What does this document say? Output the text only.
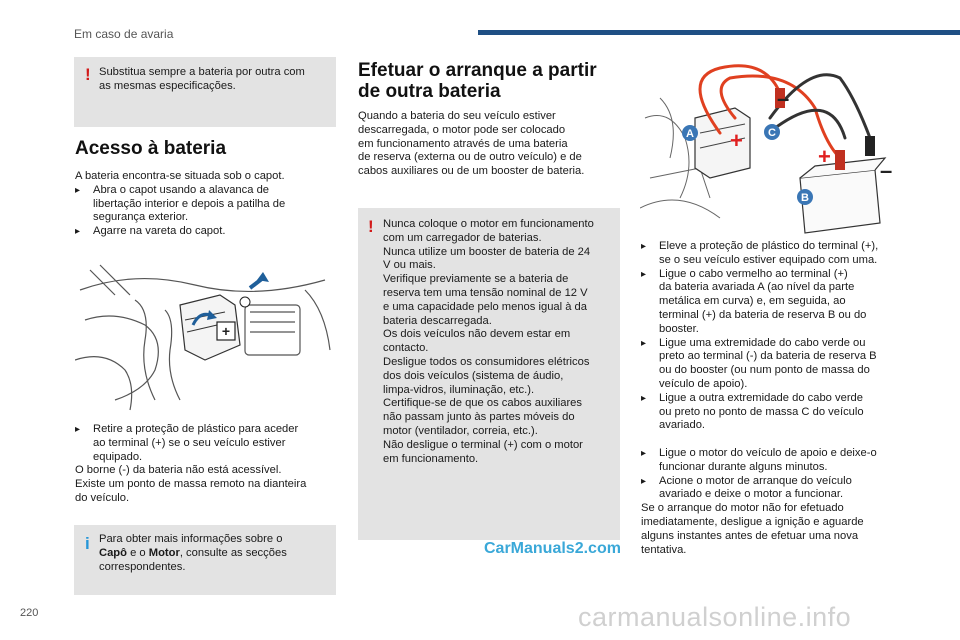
Em caso de avaria
! Substitua sempre a bateria por outra com
as mesmas especificações.
Acesso à bateria
A bateria encontra-se situada sob o capot.
▸ Abra o capot usando a alavanca de
libertação interior e depois a patilha de
segurança exterior.
▸ Agarre na vareta do capot.
+
▸ Retire a proteção de plástico para aceder
ao terminal (+) se o seu veículo estiver
equipado.
O borne (-) da bateria não está acessível.
Existe um ponto de massa remoto na dianteira
do veículo.
i Para obter mais informações sobre o
Capô e o Motor, consulte as secções
correspondentes.
Efetuar o arranque a partir
de outra bateria
Quando a bateria do seu veículo estiver
descarregada, o motor pode ser colocado
em funcionamento através de uma bateria
de reserva (externa ou de outro veículo) e de
cabos auxiliares ou de um booster de bateria.
! Nunca coloque o motor em funcionamento
com um carregador de baterias.
Nunca utilize um booster de bateria de 24
V ou mais.
Verifique previamente se a bateria de
reserva tem uma tensão nominal de 12 V
e uma capacidade pelo menos igual à da
bateria descarregada.
Os dois veículos não devem estar em
contacto.
Desligue todos os consumidores elétricos
dos dois veículos (sistema de áudio,
limpa-vidros, iluminação, etc.).
Certifique-se de que os cabos auxiliares
não passam junto às partes móveis do
motor (ventilador, correia, etc.).
Não desligue o terminal (+) com o motor
em funcionamento.
CarManuals2.com
+
+
–
–
A	C
B
▸ Eleve a proteção de plástico do terminal (+),
se o seu veículo estiver equipado com uma.
▸ Ligue o cabo vermelho ao terminal (+)
da bateria avariada A (ao nível da parte
metálica em curva) e, em seguida, ao
terminal (+) da bateria de reserva B ou do
booster.
▸ Ligue uma extremidade do cabo verde ou
preto ao terminal (-) da bateria de reserva B
ou do booster (ou num ponto de massa do
veículo de apoio).
▸ Ligue a outra extremidade do cabo verde
ou preto no ponto de massa C do veículo
avariado.
▸ Ligue o motor do veículo de apoio e deixe-o
funcionar durante alguns minutos.
▸ Acione o motor de arranque do veículo
avariado e deixe o motor a funcionar.
Se o arranque do motor não for efetuado
imediatamente, desligue a ignição e aguarde
alguns instantes antes de efetuar uma nova
tentativa.
220	carmanualsonline.info
